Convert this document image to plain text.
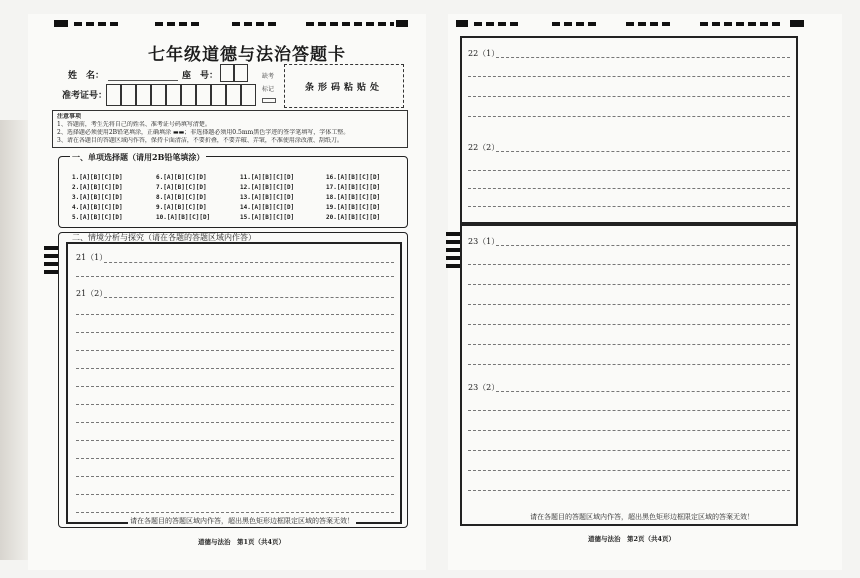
七年级道德与法治答题卡
姓　名：	座　号：	缺考
标记	条形码粘贴处
准考证号：
注意事项
1、答题前，考生先将自己的姓名、准考证号码填写清楚。
2、选择题必须使用2B铅笔填涂，正确填涂 ▬▬；非选择题必须用0.5mm黑色字迹的签字笔填写，字体工整。
3、请在各题目的答题区域内作答，保持卡面清洁，不要折叠，不要弄破、弄皱，不准使用涂改液、刮纸刀。
一、单项选择题（请用2B铅笔填涂）
1.[A][B][C][D]	6.[A][B][C][D]	11.[A][B][C][D]	16.[A][B][C][D]
2.[A][B][C][D]	7.[A][B][C][D]	12.[A][B][C][D]	17.[A][B][C][D]
3.[A][B][C][D]	8.[A][B][C][D]	13.[A][B][C][D]	18.[A][B][C][D]
4.[A][B][C][D]	9.[A][B][C][D]	14.[A][B][C][D]	19.[A][B][C][D]
5.[A][B][C][D]	10.[A][B][C][D]	15.[A][B][C][D]	20.[A][B][C][D]
二、情境分析与探究（请在各题的答题区域内作答）
21（1）
21（2）
请在各题目的答题区域内作答，超出黑色矩形边框限定区域的答案无效！
道德与法治　第1页（共4页）
22（1）
22（2）
23（1）
23（2）
请在各题目的答题区域内作答，超出黑色矩形边框限定区域的答案无效！
道德与法治　第2页（共4页）
